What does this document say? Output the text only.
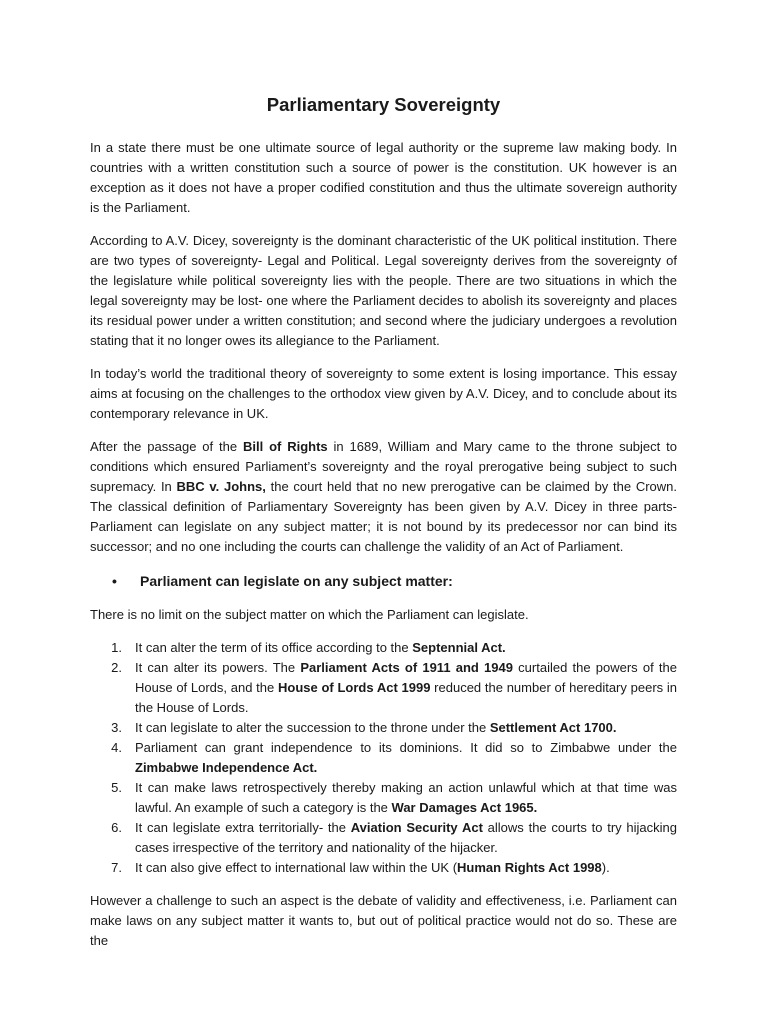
Parliamentary Sovereignty

In a state there must be one ultimate source of legal authority or the supreme law making body. In countries with a written constitution such a source of power is the constitution. UK however is an exception as it does not have a proper codified constitution and thus the ultimate sovereign authority is the Parliament.

According to A.V. Dicey, sovereignty is the dominant characteristic of the UK political institution. There are two types of sovereignty- Legal and Political. Legal sovereignty derives from the sovereignty of the legislature while political sovereignty lies with the people. There are two situations in which the legal sovereignty may be lost- one where the Parliament decides to abolish its sovereignty and places its residual power under a written constitution; and second where the judiciary undergoes a revolution stating that it no longer owes its allegiance to the Parliament.

In today’s world the traditional theory of sovereignty to some extent is losing importance. This essay aims at focusing on the challenges to the orthodox view given by A.V. Dicey, and to conclude about its contemporary relevance in UK.

After the passage of the Bill of Rights in 1689, William and Mary came to the throne subject to conditions which ensured Parliament’s sovereignty and the royal prerogative being subject to such supremacy. In BBC v. Johns, the court held that no new prerogative can be claimed by the Crown. The classical definition of Parliamentary Sovereignty has been given by A.V. Dicey in three parts- Parliament can legislate on any subject matter; it is not bound by its predecessor nor can bind its successor; and no one including the courts can challenge the validity of an Act of Parliament.

•	Parliament can legislate on any subject matter:

There is no limit on the subject matter on which the Parliament can legislate.

1.	It can alter the term of its office according to the Septennial Act.
2.	It can alter its powers. The Parliament Acts of 1911 and 1949 curtailed the powers of the House of Lords, and the House of Lords Act 1999 reduced the number of hereditary peers in the House of Lords.
3.	It can legislate to alter the succession to the throne under the Settlement Act 1700.
4.	Parliament can grant independence to its dominions. It did so to Zimbabwe under the Zimbabwe Independence Act.
5.	It can make laws retrospectively thereby making an action unlawful which at that time was lawful. An example of such a category is the War Damages Act 1965.
6.	It can legislate extra territorially- the Aviation Security Act allows the courts to try hijacking cases irrespective of the territory and nationality of the hijacker.
7.	It can also give effect to international law within the UK (Human Rights Act 1998).

However a challenge to such an aspect is the debate of validity and effectiveness, i.e. Parliament can make laws on any subject matter it wants to, but out of political practice would not do so. These are the
